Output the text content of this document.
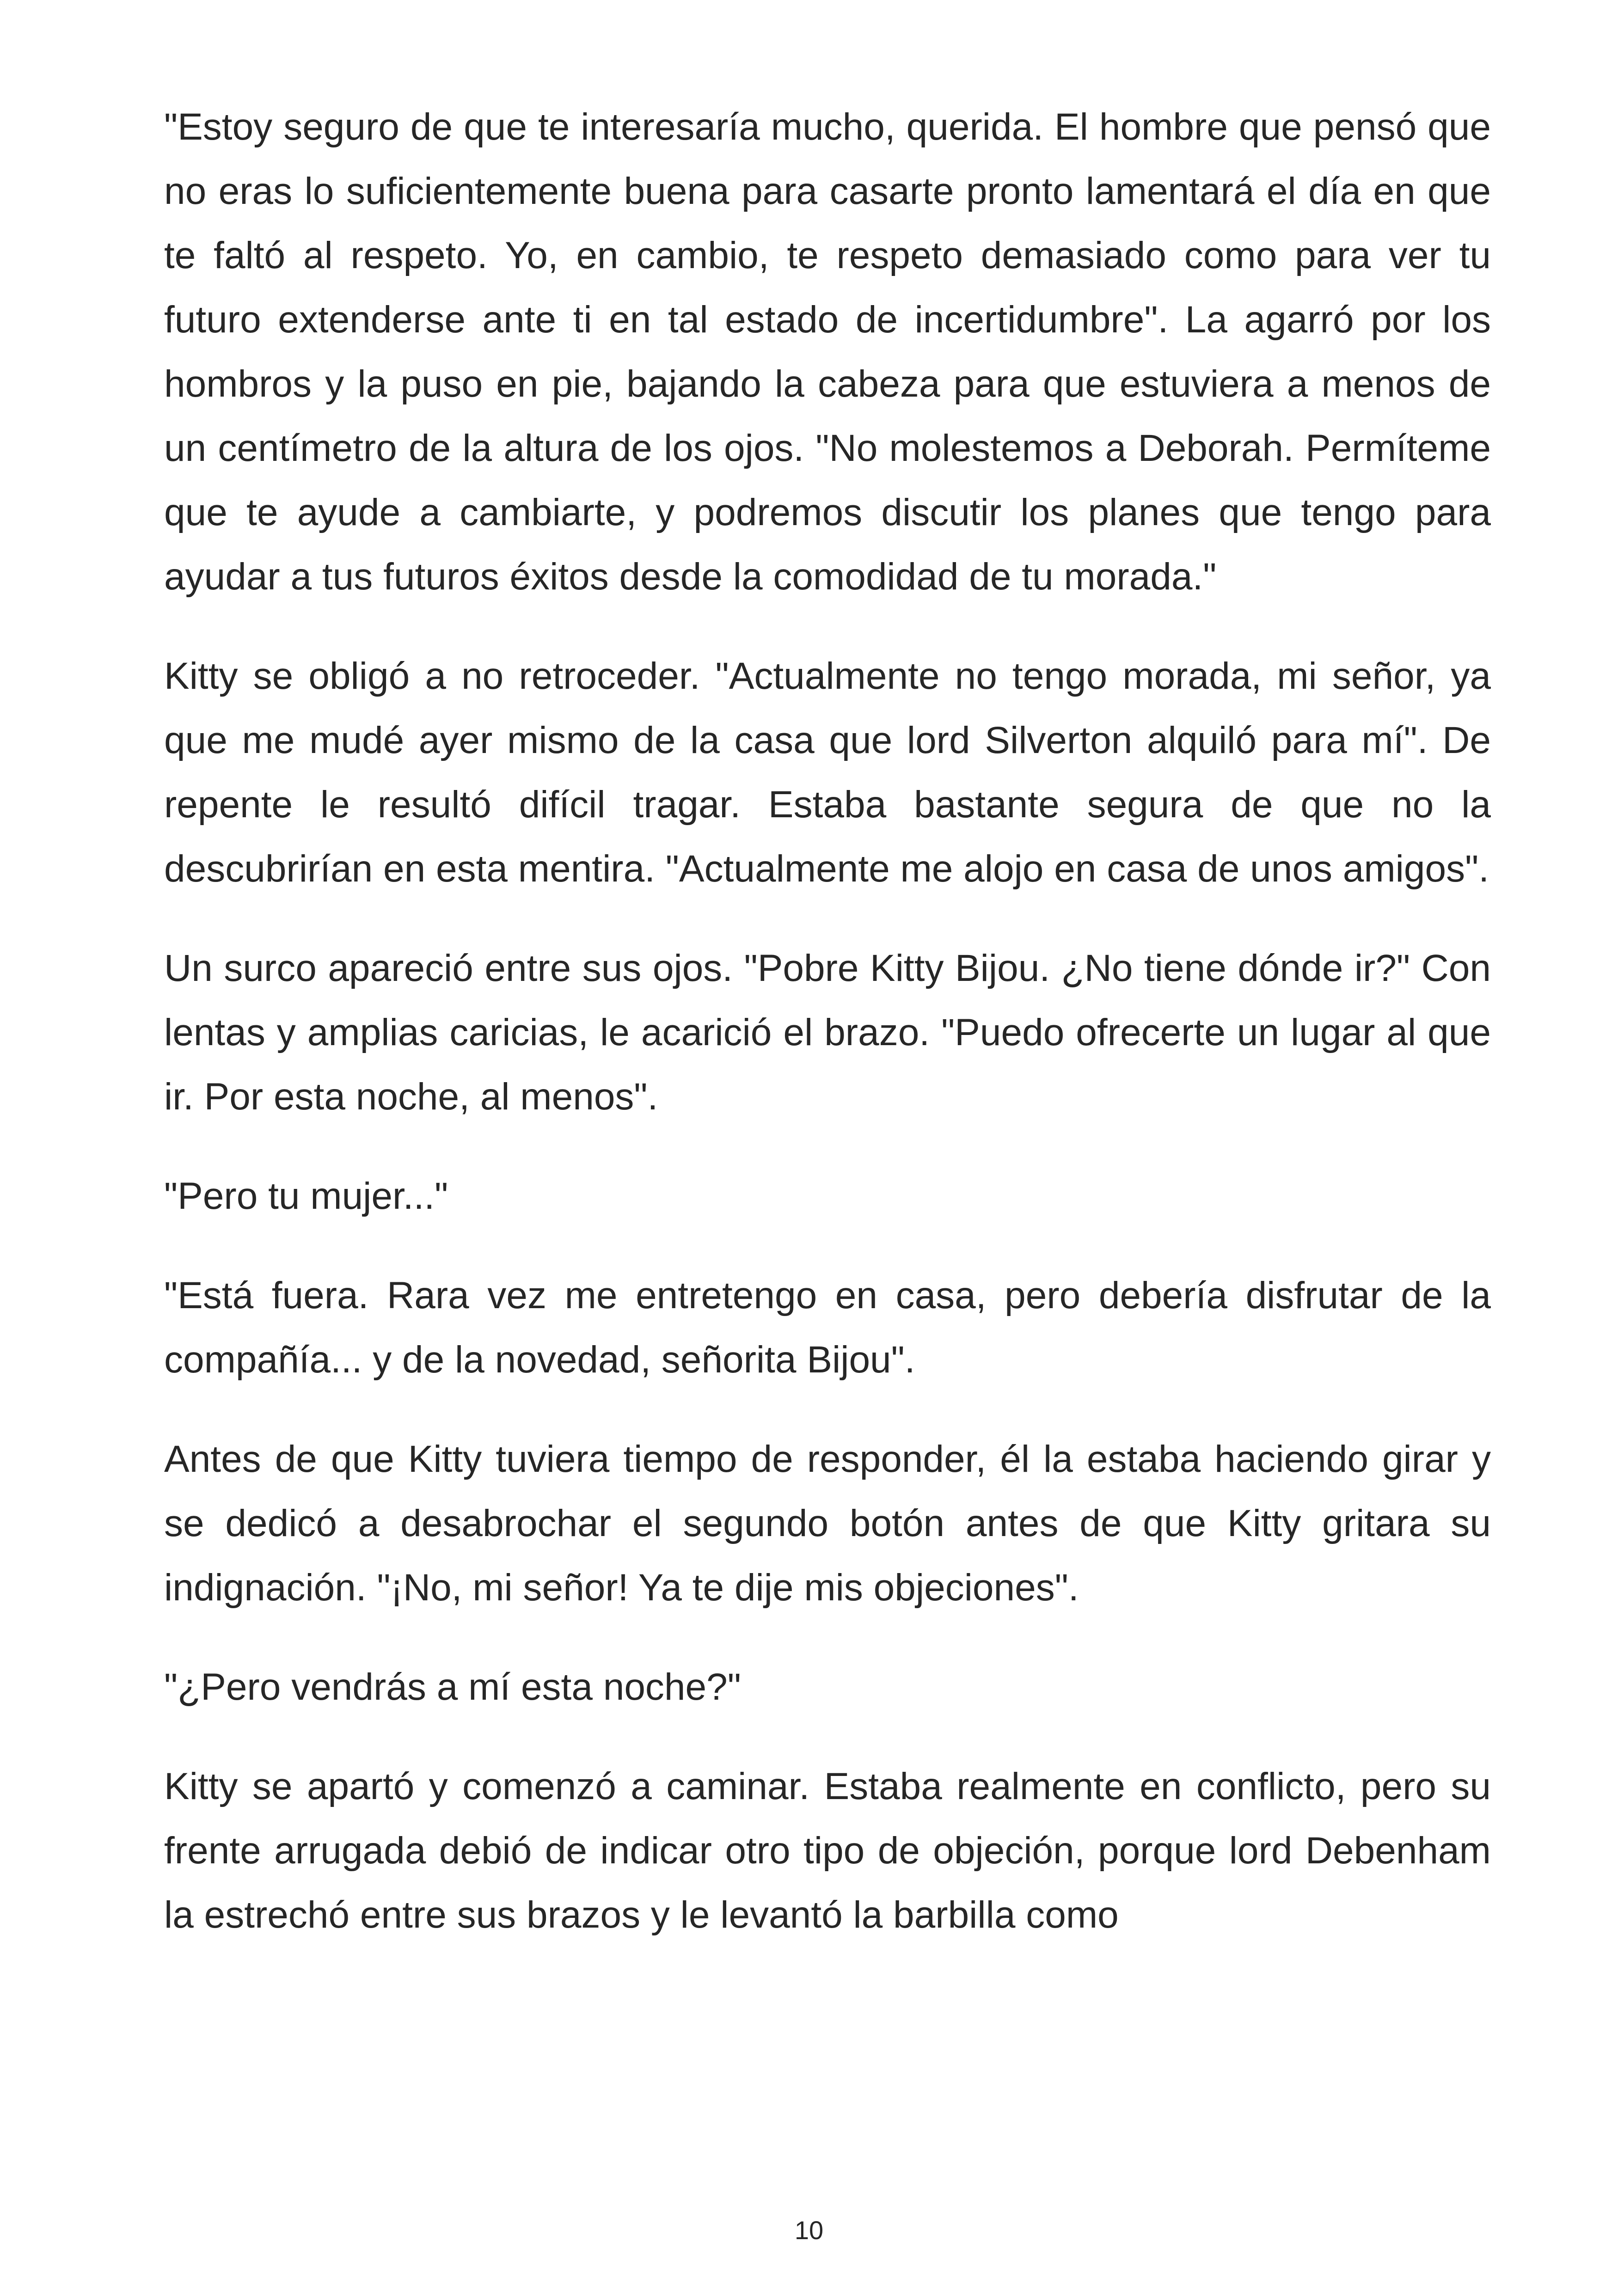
"Estoy seguro de que te interesaría mucho, querida. El hombre que pensó que no eras lo suficientemente buena para casarte pronto lamentará el día en que te faltó al respeto. Yo, en cambio, te respeto demasiado como para ver tu futuro extenderse ante ti en tal estado de incertidumbre". La agarró por los hombros y la puso en pie, bajando la cabeza para que estuviera a menos de un centímetro de la altura de los ojos. "No molestemos a Deborah. Permíteme que te ayude a cambiarte, y podremos discutir los planes que tengo para ayudar a tus futuros éxitos desde la comodidad de tu morada."

Kitty se obligó a no retroceder. "Actualmente no tengo morada, mi señor, ya que me mudé ayer mismo de la casa que lord Silverton alquiló para mí". De repente le resultó difícil tragar. Estaba bastante segura de que no la descubrirían en esta mentira. "Actualmente me alojo en casa de unos amigos".

Un surco apareció entre sus ojos. "Pobre Kitty Bijou. ¿No tiene dónde ir?" Con lentas y amplias caricias, le acarició el brazo. "Puedo ofrecerte un lugar al que ir. Por esta noche, al menos".

"Pero tu mujer..."

"Está fuera. Rara vez me entretengo en casa, pero debería disfrutar de la compañía... y de la novedad, señorita Bijou".

Antes de que Kitty tuviera tiempo de responder, él la estaba haciendo girar y se dedicó a desabrochar el segundo botón antes de que Kitty gritara su indignación. "¡No, mi señor! Ya te dije mis objeciones".

"¿Pero vendrás a mí esta noche?"

Kitty se apartó y comenzó a caminar. Estaba realmente en conflicto, pero su frente arrugada debió de indicar otro tipo de objeción, porque lord Debenham la estrechó entre sus brazos y le levantó la barbilla como

10
